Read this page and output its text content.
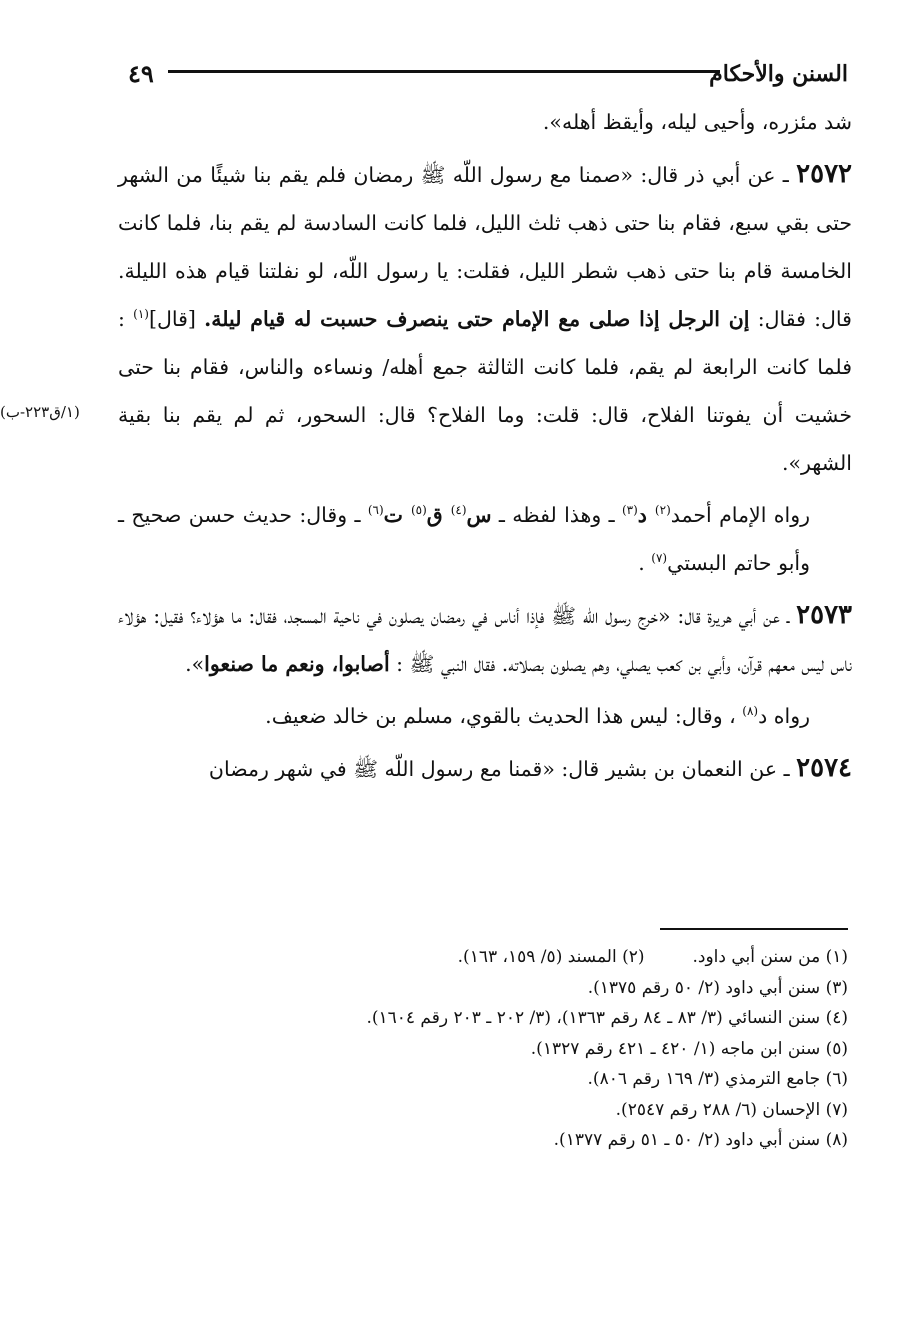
السنن والأحكام
٤٩
(١/ق٢٢٣-ب)

شد مئزره، وأحيى ليله، وأيقظ أهله».

٢٥٧٢ ـ عن أبي ذر قال: «صمنا مع رسول اللّه ﷺ رمضان فلم يقم بنا شيئًا من الشهر حتى بقي سبع، فقام بنا حتى ذهب ثلث الليل، فلما كانت السادسة لم يقم بنا، فلما كانت الخامسة قام بنا حتى ذهب شطر الليل، فقلت: يا رسول اللّه، لو نفلتنا قيام هذه الليلة. قال: فقال: إن الرجل إذا صلى مع الإمام حتى ينصرف حسبت له قيام ليلة. [قال]$^{(١)}$ : فلما كانت الرابعة لم يقم، فلما كانت الثالثة جمع أهله/ ونساءه والناس، فقام بنا حتى خشيت أن يفوتنا الفلاح، قال: قلت: وما الفلاح؟ قال: السحور، ثم لم يقم بنا بقية الشهر».

رواه الإمام أحمد$^{(٢)}$ د$^{(٣)}$ ـ وهذا لفظه ـ س$^{(٤)}$ ق$^{(٥)}$ ت$^{(٦)}$ ـ وقال: حديث حسن صحيح ـ وأبو حاتم البستي$^{(٧)}$ .

٢٥٧٣ ـ عن أبي هريرة قال: «خرج رسول اللّه ﷺ فإذا أناس في رمضان يصلون في ناحية المسجد، فقال: ما هؤلاء؟ فقيل: هؤلاء ناس ليس معهم قرآن، وأبي بن كعب يصلي، وهم يصلون بصلاته. فقال النبي ﷺ : أصابوا، ونعم ما صنعوا».

رواه د$^{(٨)}$ ، وقال: ليس هذا الحديث بالقوي، مسلم بن خالد ضعيف.

٢٥٧٤ ـ عن النعمان بن بشير قال: «قمنا مع رسول اللّه ﷺ في شهر رمضان

(١) من سنن أبي داود.(٢) المسند (٥/ ١٥٩، ١٦٣).
(٣) سنن أبي داود (٢/ ٥٠ رقم ١٣٧٥).
(٤) سنن النسائي (٣/ ٨٣ ـ ٨٤ رقم ١٣٦٣)، (٣/ ٢٠٢ ـ ٢٠٣ رقم ١٦٠٤).
(٥) سنن ابن ماجه (١/ ٤٢٠ ـ ٤٢١ رقم ١٣٢٧).
(٦) جامع الترمذي (٣/ ١٦٩ رقم ٨٠٦).
(٧) الإحسان (٦/ ٢٨٨ رقم ٢٥٤٧).
(٨) سنن أبي داود (٢/ ٥٠ ـ ٥١ رقم ١٣٧٧).
